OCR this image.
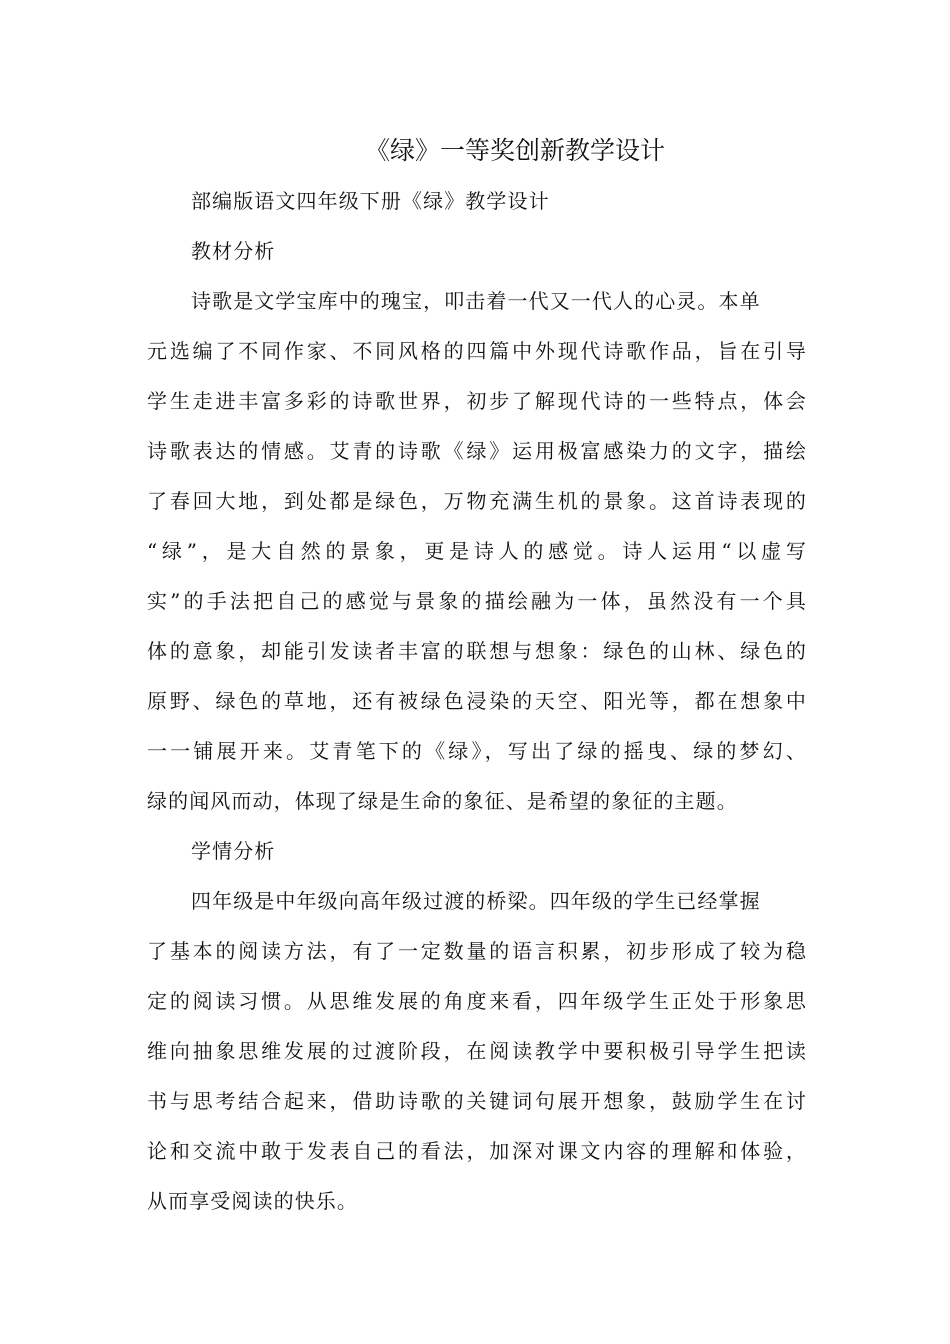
《绿》一等奖创新教学设计
部编版语文四年级下册《绿》教学设计
教材分析
诗歌是文学宝库中的瑰宝，叩击着一代又一代人的心灵。本单
元选编了不同作家、不同风格的四篇中外现代诗歌作品，旨在引导
学生走进丰富多彩的诗歌世界，初步了解现代诗的一些特点，体会
诗歌表达的情感。艾青的诗歌《绿》运用极富感染力的文字，描绘
了春回大地，到处都是绿色，万物充满生机的景象。这首诗表现的
“绿”，是大自然的景象，更是诗人的感觉。诗人运用“以虚写
实”的手法把自己的感觉与景象的描绘融为一体，虽然没有一个具
体的意象，却能引发读者丰富的联想与想象：绿色的山林、绿色的
原野、绿色的草地，还有被绿色浸染的天空、阳光等，都在想象中
一一铺展开来。艾青笔下的《绿》，写出了绿的摇曳、绿的梦幻、
绿的闻风而动，体现了绿是生命的象征、是希望的象征的主题。
学情分析
四年级是中年级向高年级过渡的桥梁。四年级的学生已经掌握
了基本的阅读方法，有了一定数量的语言积累，初步形成了较为稳
定的阅读习惯。从思维发展的角度来看，四年级学生正处于形象思
维向抽象思维发展的过渡阶段，在阅读教学中要积极引导学生把读
书与思考结合起来，借助诗歌的关键词句展开想象，鼓励学生在讨
论和交流中敢于发表自己的看法，加深对课文内容的理解和体验，
从而享受阅读的快乐。
